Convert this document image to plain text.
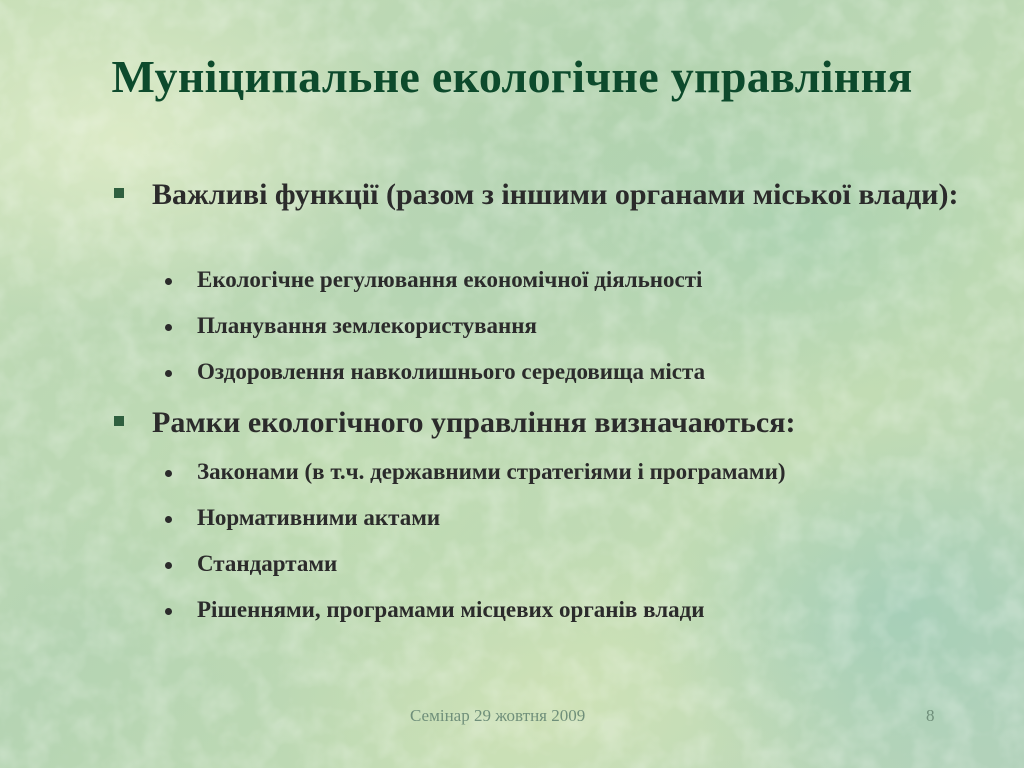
Муніципальне екологічне управління
Важливі функції (разом з іншими органами міської влади):
Екологічне регулювання економічної діяльності
Планування землекористування
Оздоровлення навколишнього середовища міста
Рамки екологічного управління визначаються:
Законами (в т.ч. державними стратегіями і програмами)
Нормативними актами
Стандартами
Рішеннями, програмами місцевих органів влади
Семінар 29 жовтня 2009	8
